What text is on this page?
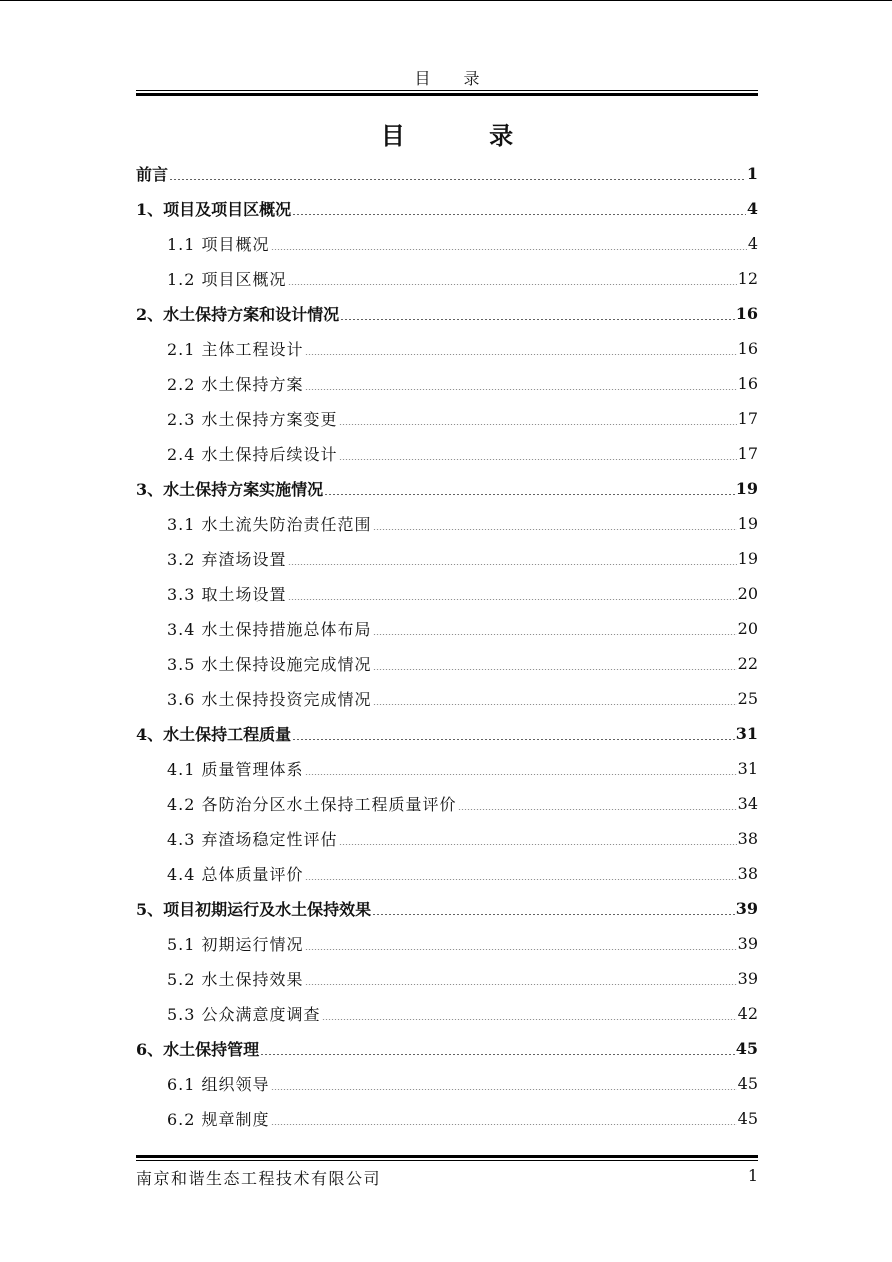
目 录
目 录
前言	1
1、项目及项目区概况	4
1.1 项目概况	4
1.2 项目区概况	12
2、水土保持方案和设计情况	16
2.1 主体工程设计	16
2.2 水土保持方案	16
2.3 水土保持方案变更	17
2.4 水土保持后续设计	17
3、水土保持方案实施情况	19
3.1 水土流失防治责任范围	19
3.2 弃渣场设置	19
3.3 取土场设置	20
3.4 水土保持措施总体布局	20
3.5 水土保持设施完成情况	22
3.6 水土保持投资完成情况	25
4、水土保持工程质量	31
4.1 质量管理体系	31
4.2 各防治分区水土保持工程质量评价	34
4.3 弃渣场稳定性评估	38
4.4 总体质量评价	38
5、项目初期运行及水土保持效果	39
5.1 初期运行情况	39
5.2 水土保持效果	39
5.3 公众满意度调查	42
6、水土保持管理	45
6.1 组织领导	45
6.2 规章制度	45
南京和谐生态工程技术有限公司	1
